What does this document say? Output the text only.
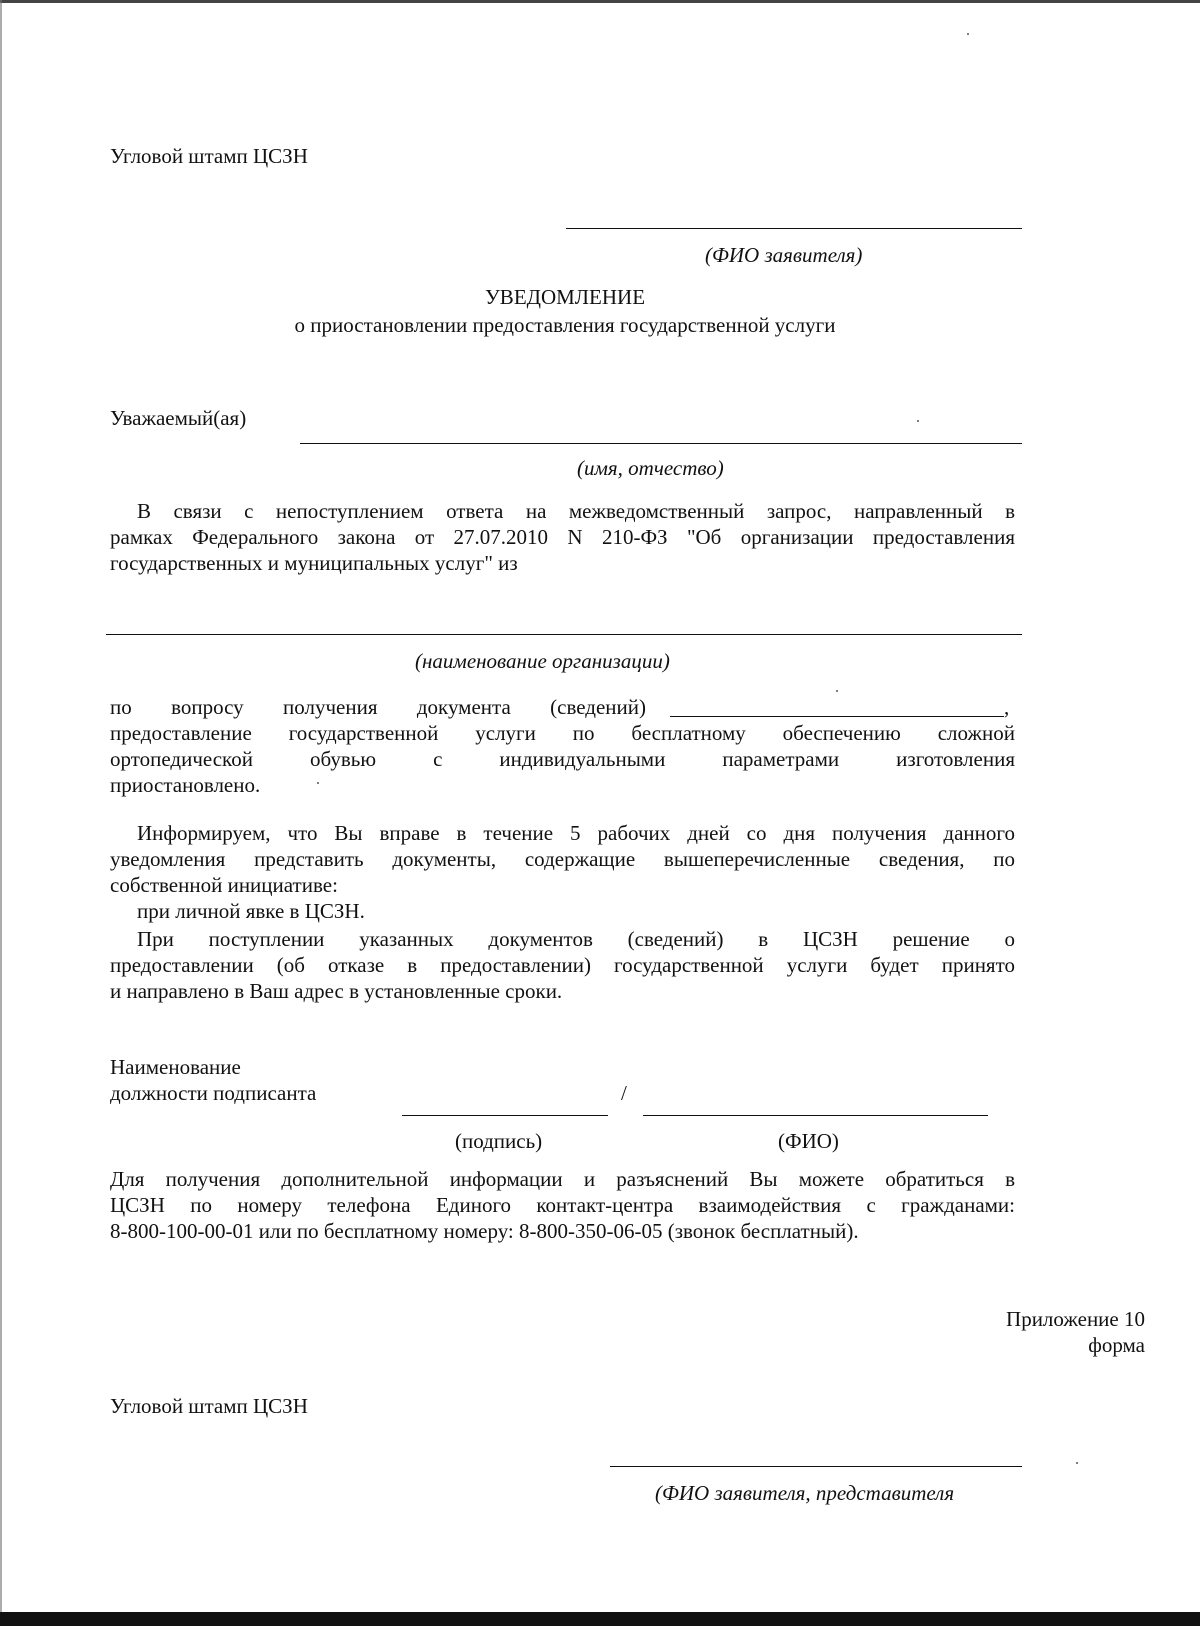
Угловой штамп ЦСЗН
(ФИО заявителя)
УВЕДОМЛЕНИЕ
о приостановлении предоставления государственной услуги
Уважаемый(ая)
(имя, отчество)
В связи с непоступлением ответа на межведомственный запрос, направленный в
рамках Федерального закона от 27.07.2010 N 210-ФЗ "Об организации предоставления
государственных и муниципальных услуг" из
(наименование организации)
по вопросу получения документа (сведений)	,
предоставление государственной услуги по бесплатному обеспечению сложной
ортопедической обувью с индивидуальными параметрами изготовления
приостановлено.
Информируем, что Вы вправе в течение 5 рабочих дней со дня получения данного
уведомления представить документы, содержащие вышеперечисленные сведения, по
собственной инициативе:
при личной явке в ЦСЗН.
При поступлении указанных документов (сведений) в ЦСЗН решение о
предоставлении (об отказе в предоставлении) государственной услуги будет принято
и направлено в Ваш адрес в установленные сроки.
Наименование
должности подписанта	/
(подпись)	(ФИО)
Для получения дополнительной информации и разъяснений Вы можете обратиться в
ЦСЗН по номеру телефона Единого контакт-центра взаимодействия с гражданами:
8-800-100-00-01 или по бесплатному номеру: 8-800-350-06-05 (звонок бесплатный).
Приложение 10
форма
Угловой штамп ЦСЗН
(ФИО заявителя, представителя
